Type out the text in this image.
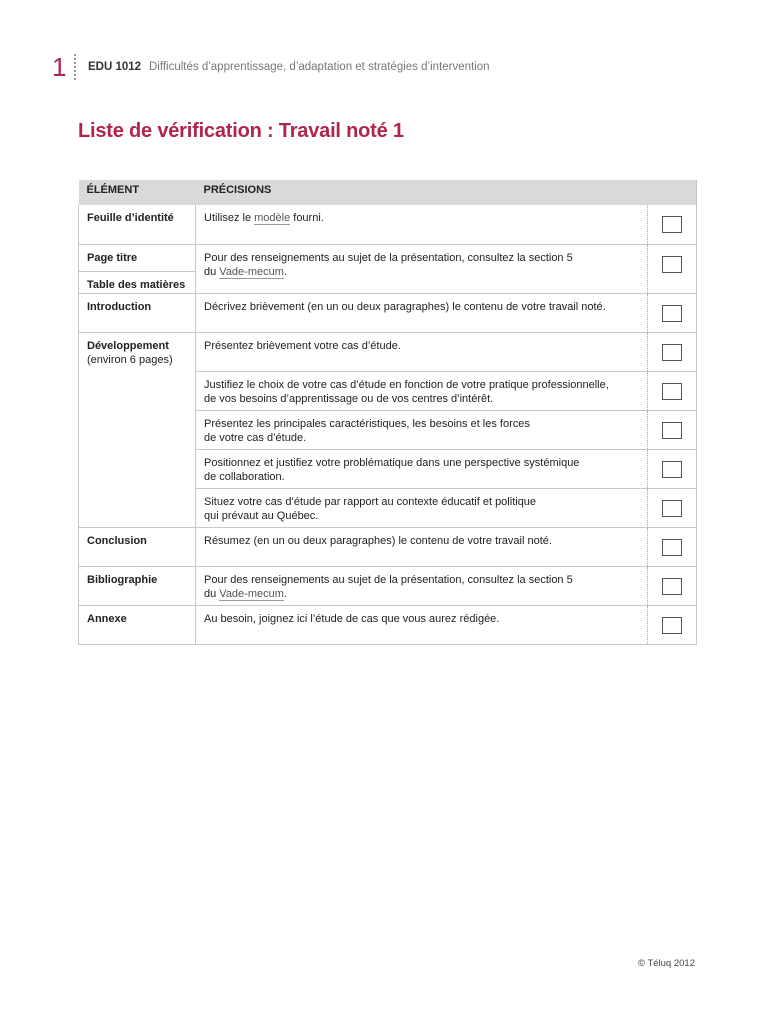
1 EDU 1012 Difficultés d’apprentissage, d’adaptation et stratégies d’intervention
Liste de vérification : Travail noté 1
ÉLÉMENT	PRÉCISIONS	
Feuille d’identité	Utilisez le modèle fourni.	

Page titre
Table des matières	Pour des renseignements au sujet de la présentation, consultez la section 5
du Vade-mecum.	

Introduction	Décrivez brièvement (en un ou deux paragraphes) le contenu de votre travail noté.	

Développement
(environ 6 pages)	Présentez brièvement votre cas d’étude.	

	Justifiez le choix de votre cas d’étude en fonction de votre pratique professionnelle,
de vos besoins d’apprentissage ou de vos centres d’intérêt.	

	Présentez les principales caractéristiques, les besoins et les forces
de votre cas d’étude.	

	Positionnez et justifiez votre problématique dans une perspective systémique
de collaboration.	

	Situez votre cas d’étude par rapport au contexte éducatif et politique
qui prévaut au Québec.	

Conclusion	Résumez (en un ou deux paragraphes) le contenu de votre travail noté.	

Bibliographie	Pour des renseignements au sujet de la présentation, consultez la section 5
du Vade-mecum.	

Annexe	Au besoin, joignez ici l’étude de cas que vous aurez rédigée.	
© Téluq 2012
